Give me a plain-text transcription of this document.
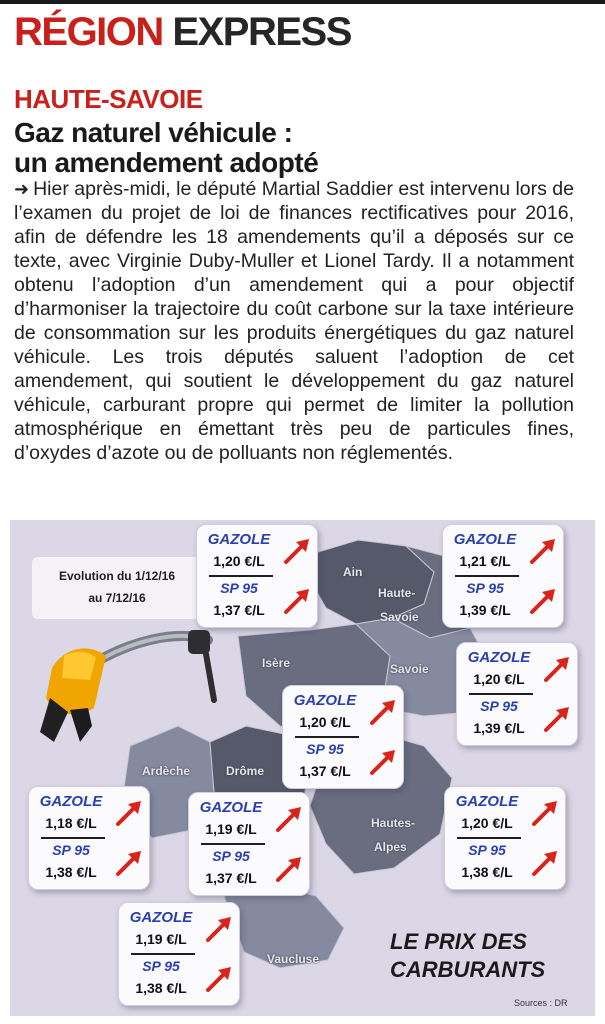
RÉGION EXPRESS
HAUTE-SAVOIE
Gaz naturel véhicule :
un amendement adopté
➜ Hier après-midi, le député Martial Saddier est intervenu lors de l’examen du projet de loi de finances rectificatives pour 2016, afin de défendre les 18 amendements qu’il a déposés sur ce texte, avec Virginie Duby-Muller et Lionel Tardy. Il a notamment obtenu l’adoption d’un amendement qui a pour objectif d’harmoniser la trajectoire du coût carbone sur la taxe intérieure de consommation sur les produits énergétiques du gaz naturel véhicule. Les trois députés saluent l’adoption de cet amendement, qui soutient le développement du gaz naturel véhicule, carburant propre qui permet de limiter la pollution atmosphérique en émettant très peu de particules fines, d’oxydes d’azote ou de polluants non réglementés.
Evolution du 1/12/16
au 7/12/16
Ain
Haute-
Savoie
Savoie
Isère
Ardèche	Drôme
Hautes-
Alpes
Vaucluse
GAZOLE
1,20 €/L
SP 95
1,37 €/L
GAZOLE
1,21 €/L
SP 95
1,39 €/L
GAZOLE
1,20 €/L
SP 95
1,39 €/L
GAZOLE
1,20 €/L
SP 95
1,37 €/L
GAZOLE
1,18 €/L
SP 95
1,38 €/L
GAZOLE
1,19 €/L
SP 95
1,37 €/L
GAZOLE
1,20 €/L
SP 95
1,38 €/L
GAZOLE
1,19 €/L
SP 95
1,38 €/L
LE PRIX DES
CARBURANTS
Sources : DR
